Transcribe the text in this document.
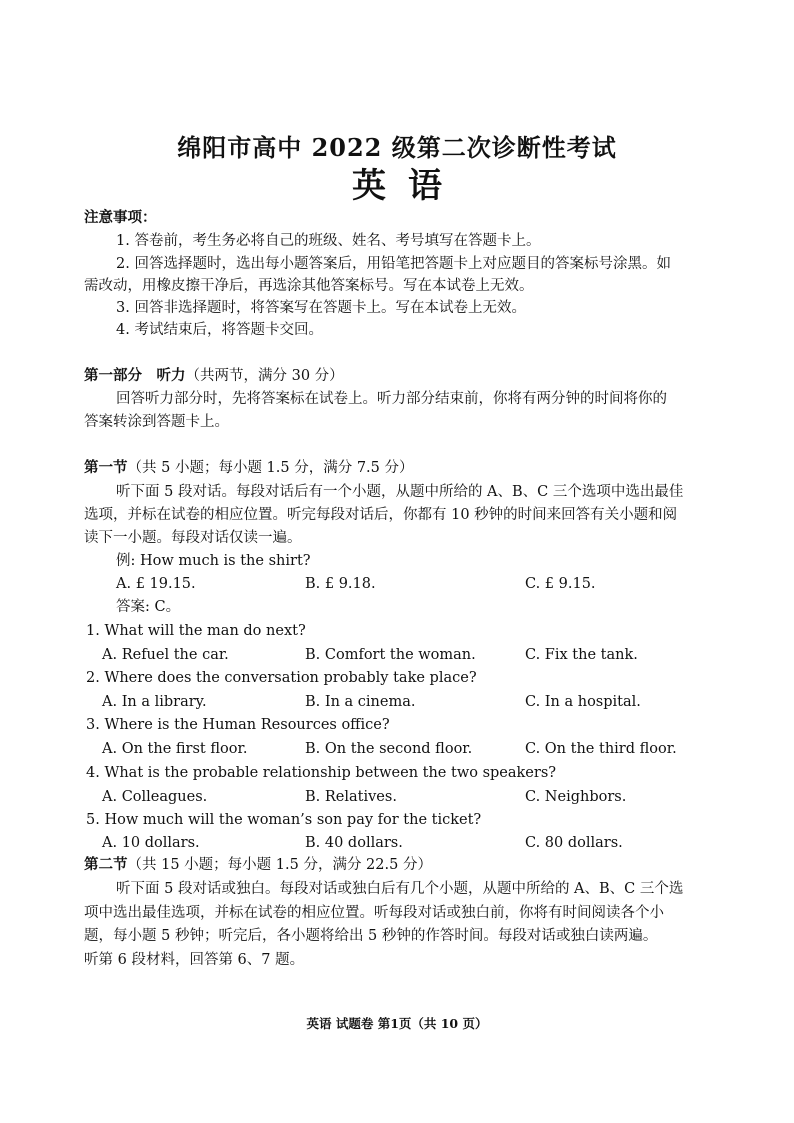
绵阳市高中 2022 级第二次诊断性考试
英语
注意事项：
1. 答卷前，考生务必将自己的班级、姓名、考号填写在答题卡上。
2. 回答选择题时，选出每小题答案后，用铅笔把答题卡上对应题目的答案标号涂黑。如
需改动，用橡皮擦干净后，再选涂其他答案标号。写在本试卷上无效。
3. 回答非选择题时，将答案写在答题卡上。写在本试卷上无效。
4. 考试结束后，将答题卡交回。
第一部分　听力（共两节，满分 30 分）
回答听力部分时，先将答案标在试卷上。听力部分结束前，你将有两分钟的时间将你的
答案转涂到答题卡上。
第一节（共 5 小题；每小题 1.5 分，满分 7.5 分）
听下面 5 段对话。每段对话后有一个小题，从题中所给的 A、B、C 三个选项中选出最佳
选项，并标在试卷的相应位置。听完每段对话后，你都有 10 秒钟的时间来回答有关小题和阅
读下一小题。每段对话仅读一遍。
例: How much is the shirt?
A. £ 19.15.	B. £ 9.18.	C. £ 9.15.
答案: C。
1. What will the man do next?
A. Refuel the car.	B. Comfort the woman.	C. Fix the tank.
2. Where does the conversation probably take place?
A. In a library.	B. In a cinema.	C. In a hospital.
3. Where is the Human Resources office?
A. On the first floor.	B. On the second floor.	C. On the third floor.
4. What is the probable relationship between the two speakers?
A. Colleagues.	B. Relatives.	C. Neighbors.
5. How much will the woman’s son pay for the ticket?
A. 10 dollars.	B. 40 dollars.	C. 80 dollars.
第二节（共 15 小题；每小题 1.5 分，满分 22.5 分）
听下面 5 段对话或独白。每段对话或独白后有几个小题，从题中所给的 A、B、C 三个选
项中选出最佳选项，并标在试卷的相应位置。听每段对话或独白前，你将有时间阅读各个小
题，每小题 5 秒钟；听完后，各小题将给出 5 秒钟的作答时间。每段对话或独白读两遍。
听第 6 段材料，回答第 6、7 题。
英语 试题卷 第1页（共 10 页）
